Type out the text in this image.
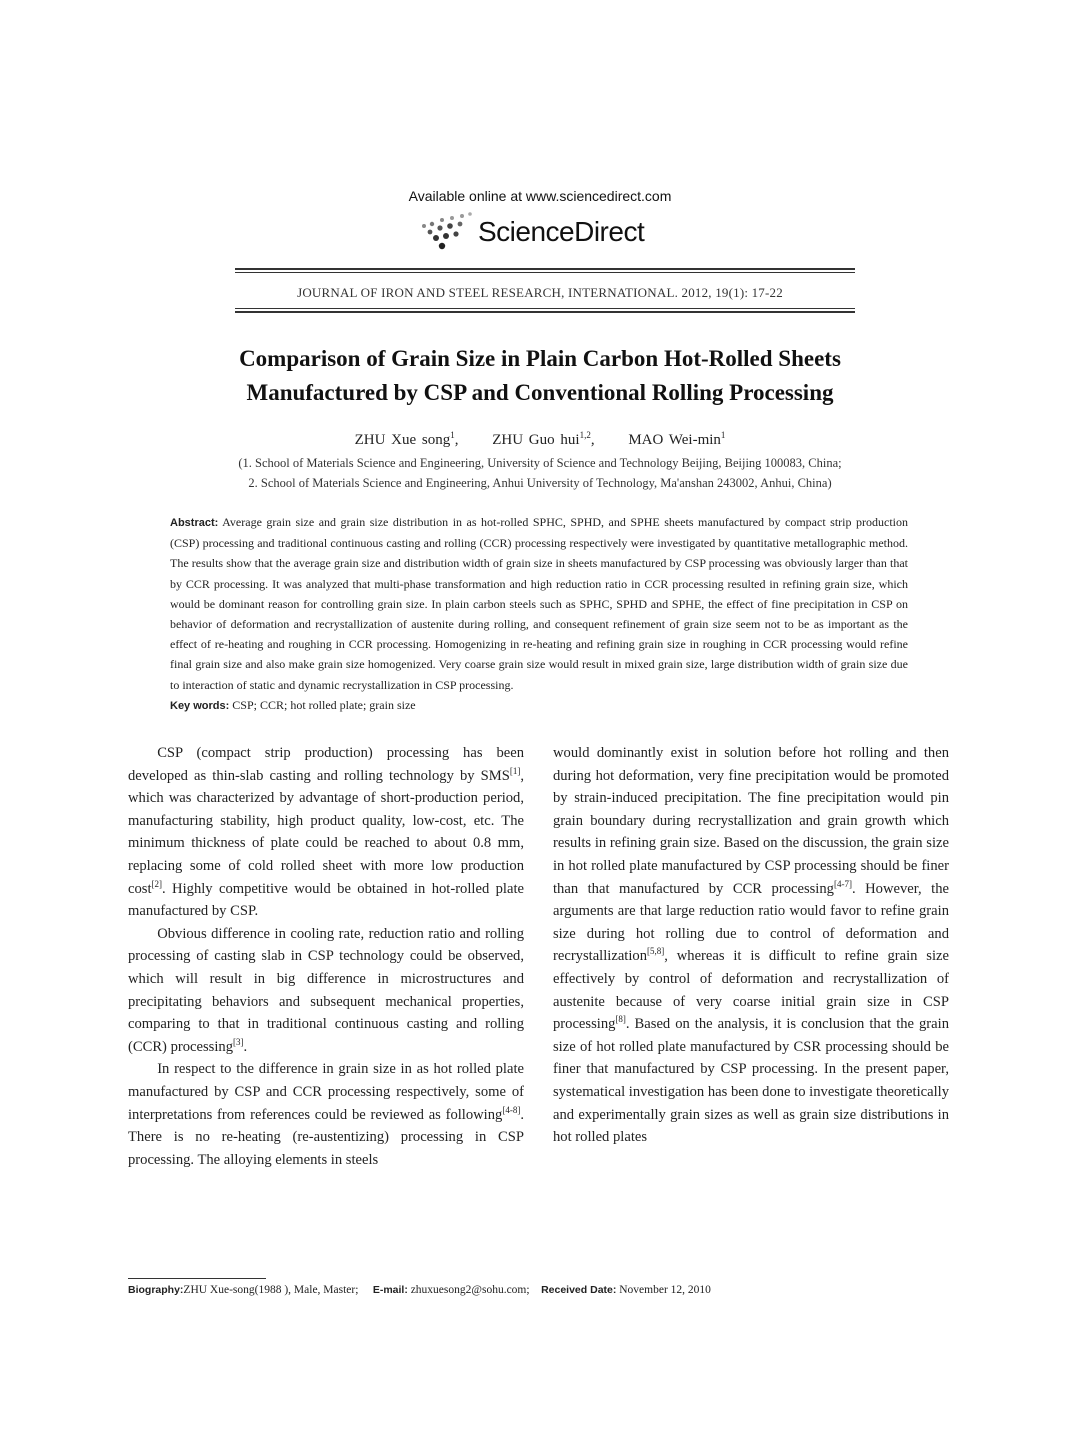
Available online at www.sciencedirect.com
ScienceDirect
JOURNAL OF IRON AND STEEL RESEARCH, INTERNATIONAL. 2012, 19(1): 17-22
Comparison of Grain Size in Plain Carbon Hot-Rolled Sheets
Manufactured by CSP and Conventional Rolling Processing
ZHU Xue song$^1$, ZHU Guo hui$^{1,2}$, MAO Wei-$\min^1$
(1. School of Materials Science and Engineering, University of Science and Technology Beijing, Beijing 100083, China;
2. School of Materials Science and Engineering, Anhui University of Technology, Ma'anshan 243002, Anhui, China)
Abstract: Average grain size and grain size distribution in as hot-rolled SPHC, SPHD, and SPHE sheets manufactured by compact strip production (CSP) processing and traditional continuous casting and rolling (CCR) processing respectively were investigated by quantitative metallographic method. The results show that the average grain size and distribution width of grain size in sheets manufactured by CSP processing was obviously larger than that by CCR processing. It was analyzed that multi-phase transformation and high reduction ratio in CCR processing resulted in refining grain size, which would be dominant reason for controlling grain size. In plain carbon steels such as SPHC, SPHD and SPHE, the effect of fine precipitation in CSP on behavior of deformation and recrystallization of austenite during rolling, and consequent refinement of grain size seem not to be as important as the effect of re-heating and roughing in CCR processing. Homogenizing in re-heating and refining grain size in roughing in CCR processing would refine final grain size and also make grain size homogenized. Very coarse grain size would result in mixed grain size, large distribution width of grain size due to interaction of static and dynamic recrystallization in CSP processing.
Key words: CSP; CCR; hot rolled plate; grain size

CSP (compact strip production) processing has been developed as thin-slab casting and rolling technology by SMS[1], which was characterized by advantage of short-production period, manufacturing stability, high product quality, low-cost, etc. The minimum thickness of plate could be reached to about 0.8 mm, replacing some of cold rolled sheet with more low production cost[2]. Highly competitive would be obtained in hot-rolled plate manufactured by CSP.

Obvious difference in cooling rate, reduction ratio and rolling processing of casting slab in CSP technology could be observed, which will result in big difference in microstructures and precipitating behaviors and subsequent mechanical properties, comparing to that in traditional continuous casting and rolling (CCR) processing[3].

In respect to the difference in grain size in as hot rolled plate manufactured by CSP and CCR processing respectively, some of interpretations from references could be reviewed as following[4-8]. There is no re-heating (re-austentizing) processing in CSP processing. The alloying elements in steels

would dominantly exist in solution before hot rolling and then during hot deformation, very fine precipitation would be promoted by strain-induced precipitation. The fine precipitation would pin grain boundary during recrystallization and grain growth which results in refining grain size. Based on the discussion, the grain size in hot rolled plate manufactured by CSP processing should be finer than that manufactured by CCR processing[4-7]. However, the arguments are that large reduction ratio would favor to refine grain size during hot rolling due to control of deformation and recrystallization[5,8], whereas it is difficult to refine grain size effectively by control of deformation and recrystallization of austenite because of very coarse initial grain size in CSP processing[8]. Based on the analysis, it is conclusion that the grain size of hot rolled plate manufactured by CSR processing should be finer that manufactured by CSP processing. In the present paper, systematical investigation has been done to investigate theoretically and experimentally grain sizes as well as grain size distributions in hot rolled plates

Biography:ZHU Xue-song(1988 ), Male, Master; E-mail: zhuxuesong2@sohu.com; Received Date: November 12, 2010
